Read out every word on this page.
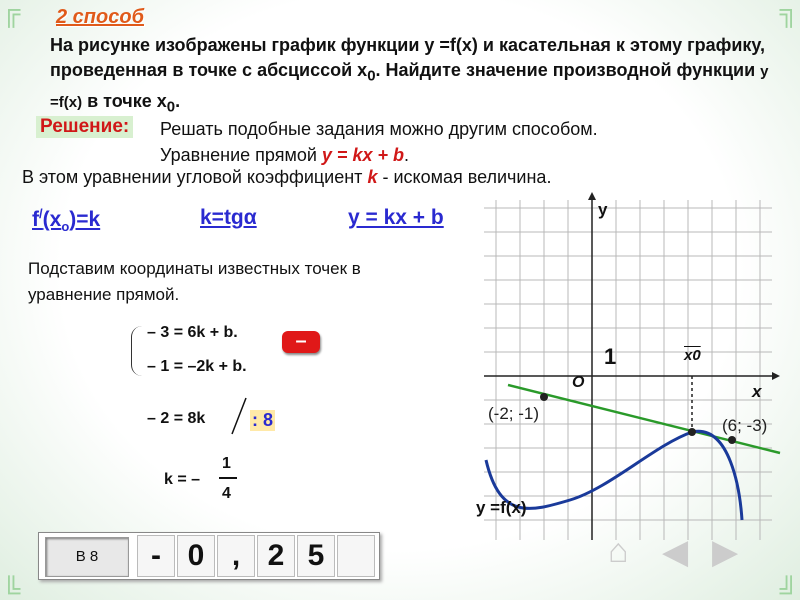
╔	╗
╚	╝
2 способ
На рисунке изображены график функции y =f(x) и касательная к этому графику, проведенная в точке с абсциссой $x_0$. Найдите значение производной функции y =f(x) в точке $x_0$.
Решение: Решать подобные задания можно другим способом.
Уравнение прямой y = kx + b.
В этом уравнении угловой коэффициент k - искомая величина.
$f^/(x_o)=k$	k=tgα	y = kx + b
Подставим координаты известных точек в уравнение прямой.
– 3 = 6k + b.
– 1 = –2k + b.
–
– 2 = 8k	: 8
k = –
1
4
y
x
O
1	x0
(-2; -1)
(6; -3)
y =f(x)
В 8	- 0 , 2 5	⌂ ◀ ▶
